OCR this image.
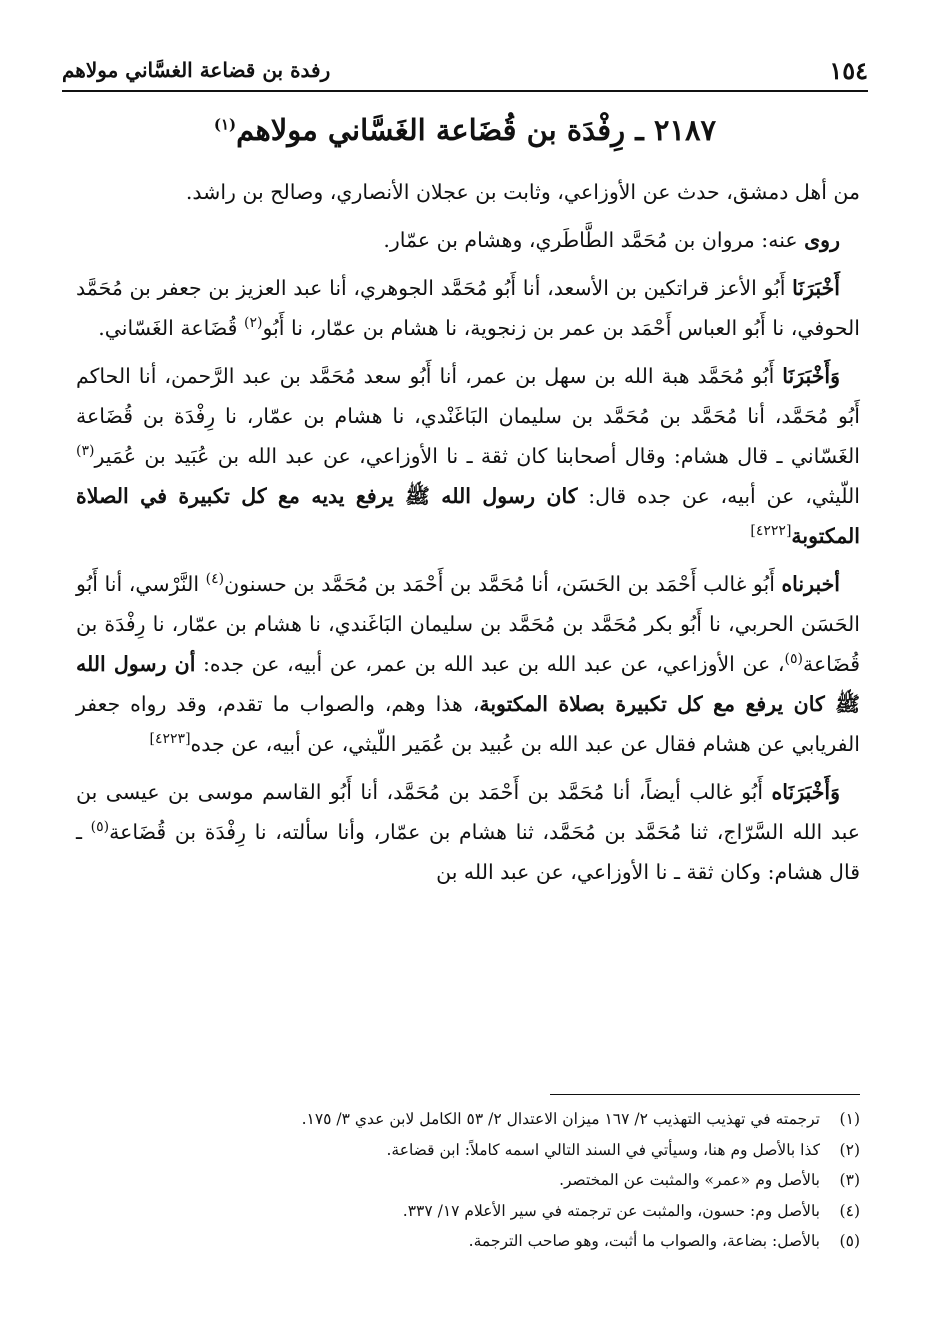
١٥٤
رفدة بن قضاعة الغسَّاني مولاهم
٢١٨٧ ـ رِفْدَة بن قُضَاعة الغَسَّاني مولاهم$^{(١)}$

من أهل دمشق، حدث عن الأوزاعي، وثابت بن عجلان الأنصاري، وصالح بن راشد.

روى عنه: مروان بن مُحَمَّد الطَّاطَري، وهشام بن عمّار.

أَخْبَرَنَا أَبُو الأعز قراتكين بن الأسعد، أنا أَبُو مُحَمَّد الجوهري، أنا عبد العزيز بن جعفر بن مُحَمَّد الحوفي، نا أَبُو العباس أَحْمَد بن عمر بن زنجوية، نا هشام بن عمّار، نا أَبُو$^{(٢)}$ قُضَاعة الغَسّاني.

وَأَخْبَرَنَا أَبُو مُحَمَّد هبة الله بن سهل بن عمر، أنا أَبُو سعد مُحَمَّد بن عبد الرَّحمن، أنا الحاكم أَبُو مُحَمَّد، أنا مُحَمَّد بن مُحَمَّد بن سليمان البَاغَنْدي، نا هشام بن عمّار، نا رِفْدَة بن قُضَاعة الغَسّاني ـ قال هشام: وقال أصحابنا كان ثقة ـ نا الأوزاعي، عن عبد الله بن عُبَيد بن عُمَير$^{(٣)}$ اللّيثي، عن أبيه، عن جده قال: كان رسول الله ﷺ يرفع يديه مع كل تكبيرة في الصلاة المكتوبة[٤٢٢٢]

أخبرناه أَبُو غالب أَحْمَد بن الحَسَن، أنا مُحَمَّد بن أَحْمَد بن مُحَمَّد بن حسنون$^{(٤)}$ النَّرْسي، أنا أَبُو الحَسَن الحربي، نا أَبُو بكر مُحَمَّد بن مُحَمَّد بن سليمان البَاغَندي، نا هشام بن عمّار، نا رِفْدَة بن قُضَاعة$^{(٥)}$، عن الأوزاعي، عن عبد الله بن عبد الله بن عمر، عن أبيه، عن جده: أن رسول الله ﷺ كان يرفع مع كل تكبيرة بصلاة المكتوبة، هذا وهم، والصواب ما تقدم، وقد رواه جعفر الفريابي عن هشام فقال عن عبد الله بن عُبيد بن عُمَير اللّيثي، عن أبيه، عن جده[٤٢٢٣]

وَأَخْبَرَنَاه أَبُو غالب أيضاً، أنا مُحَمَّد بن أَحْمَد بن مُحَمَّد، أنا أَبُو القاسم موسى بن عيسى بن عبد الله السَّرّاج، ثنا مُحَمَّد بن مُحَمَّد، ثنا هشام بن عمّار، وأنا سألته، نا رِفْدَة بن قُضَاعة$^{(٥)}$ ـ قال هشام: وكان ثقة ـ نا الأوزاعي، عن عبد الله بن

(١)
ترجمته في تهذيب التهذيب ٢/ ١٦٧ ميزان الاعتدال ٢/ ٥٣ الكامل لابن عدي ٣/ ١٧٥.
(٢)
كذا بالأصل وم هنا، وسيأتي في السند التالي اسمه كاملاً: ابن قضاعة.
(٣)
بالأصل وم «عمر» والمثبت عن المختصر.
(٤)
بالأصل وم: حسون، والمثبت عن ترجمته في سير الأعلام ١٧/ ٣٣٧.
(٥)
بالأصل: بضاعة، والصواب ما أثبت، وهو صاحب الترجمة.
